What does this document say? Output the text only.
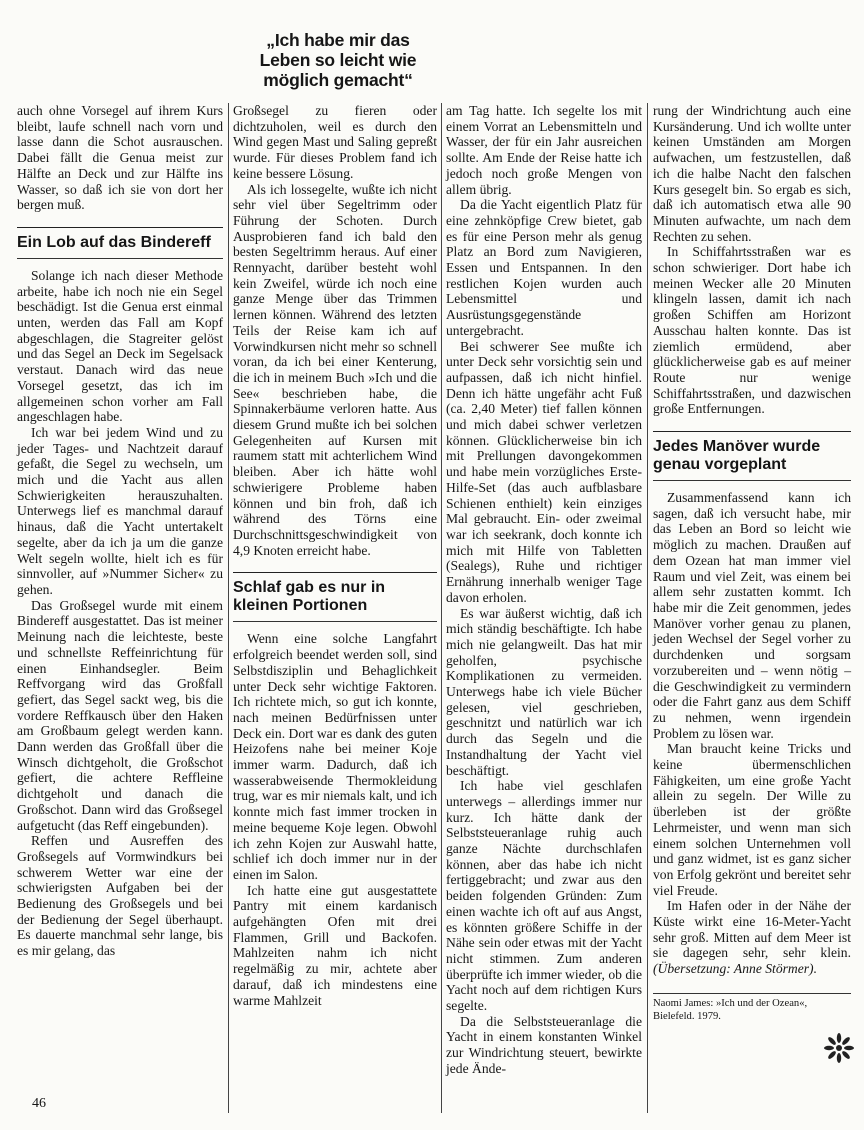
„Ich habe mir das
Leben so leicht wie
möglich gemacht“

auch ohne Vorsegel auf ihrem Kurs bleibt, laufe schnell nach vorn und lasse dann die Schot ausrauschen. Dabei fällt die Genua meist zur Hälfte an Deck und zur Hälfte ins Wasser, so daß ich sie von dort her bergen muß.

Ein Lob auf das Bindereff

Solange ich nach dieser Methode arbeite, habe ich noch nie ein Segel beschädigt. Ist die Genua erst einmal unten, werden das Fall am Kopf abgeschlagen, die Stagreiter gelöst und das Segel an Deck im Segelsack verstaut. Danach wird das neue Vorsegel gesetzt, das ich im allgemeinen schon vorher am Fall angeschlagen habe.

Ich war bei jedem Wind und zu jeder Tages- und Nachtzeit darauf gefaßt, die Segel zu wechseln, um mich und die Yacht aus allen Schwierigkeiten herauszuhalten. Unterwegs lief es manchmal darauf hinaus, daß die Yacht untertakelt segelte, aber da ich ja um die ganze Welt segeln wollte, hielt ich es für sinnvoller, auf »Nummer Sicher« zu gehen.

Das Großsegel wurde mit einem Bindereff ausgestattet. Das ist meiner Meinung nach die leichteste, beste und schnellste Reffeinrichtung für einen Einhandsegler. Beim Reffvorgang wird das Großfall gefiert, das Segel sackt weg, bis die vordere Reffkausch über den Haken am Großbaum gelegt werden kann. Dann werden das Großfall über die Winsch dichtgeholt, die Großschot gefiert, die achtere Reffleine dichtgeholt und danach die Großschot. Dann wird das Großsegel aufgetucht (das Reff eingebunden).

Reffen und Ausreffen des Großsegels auf Vormwindkurs bei schwerem Wetter war eine der schwierigsten Aufgaben bei der Bedienung des Großsegels und bei der Bedienung der Segel überhaupt. Es dauerte manchmal sehr lange, bis es mir gelang, das

Großsegel zu fieren oder dichtzuholen, weil es durch den Wind gegen Mast und Saling gepreßt wurde. Für dieses Problem fand ich keine bessere Lösung.

Als ich lossegelte, wußte ich nicht sehr viel über Segeltrimm oder Führung der Schoten. Durch Ausprobieren fand ich bald den besten Segeltrimm heraus. Auf einer Rennyacht, darüber besteht wohl kein Zweifel, würde ich noch eine ganze Menge über das Trimmen lernen können. Während des letzten Teils der Reise kam ich auf Vorwindkursen nicht mehr so schnell voran, da ich bei einer Kenterung, die ich in meinem Buch »Ich und die See« beschrieben habe, die Spinnakerbäume verloren hatte. Aus diesem Grund mußte ich bei solchen Gelegenheiten auf Kursen mit raumem statt mit achterlichem Wind bleiben. Aber ich hätte wohl schwierigere Probleme haben können und bin froh, daß ich während des Törns eine Durchschnittsgeschwindigkeit von 4,9 Knoten erreicht habe.

Schlaf gab es nur in kleinen Portionen

Wenn eine solche Langfahrt erfolgreich beendet werden soll, sind Selbstdisziplin und Behaglichkeit unter Deck sehr wichtige Faktoren. Ich richtete mich, so gut ich konnte, nach meinen Bedürfnissen unter Deck ein. Dort war es dank des guten Heizofens nahe bei meiner Koje immer warm. Dadurch, daß ich wasserabweisende Thermokleidung trug, war es mir niemals kalt, und ich konnte mich fast immer trocken in meine bequeme Koje legen. Obwohl ich zehn Kojen zur Auswahl hatte, schlief ich doch immer nur in der einen im Salon.

Ich hatte eine gut ausgestattete Pantry mit einem kardanisch aufgehängten Ofen mit drei Flammen, Grill und Backofen. Mahlzeiten nahm ich nicht regelmäßig zu mir, achtete aber darauf, daß ich mindestens eine warme Mahlzeit

am Tag hatte. Ich segelte los mit einem Vorrat an Lebensmitteln und Wasser, der für ein Jahr ausreichen sollte. Am Ende der Reise hatte ich jedoch noch große Mengen von allem übrig.

Da die Yacht eigentlich Platz für eine zehnköpfige Crew bietet, gab es für eine Person mehr als genug Platz an Bord zum Navigieren, Essen und Entspannen. In den restlichen Kojen wurden auch Lebensmittel und Ausrüstungsgegenstände untergebracht.

Bei schwerer See mußte ich unter Deck sehr vorsichtig sein und aufpassen, daß ich nicht hinfiel. Denn ich hätte ungefähr acht Fuß (ca. 2,40 Meter) tief fallen können und mich dabei schwer verletzen können. Glücklicherweise bin ich mit Prellungen davongekommen und habe mein vorzügliches Erste-Hilfe-Set (das auch aufblasbare Schienen enthielt) kein einziges Mal gebraucht. Ein- oder zweimal war ich seekrank, doch konnte ich mich mit Hilfe von Tabletten (Sealegs), Ruhe und richtiger Ernährung innerhalb weniger Tage davon erholen.

Es war äußerst wichtig, daß ich mich ständig beschäftigte. Ich habe mich nie gelangweilt. Das hat mir geholfen, psychische Komplikationen zu vermeiden. Unterwegs habe ich viele Bücher gelesen, viel geschrieben, geschnitzt und natürlich war ich durch das Segeln und die Instandhaltung der Yacht viel beschäftigt.

Ich habe viel geschlafen unterwegs – allerdings immer nur kurz. Ich hätte dank der Selbststeueranlage ruhig auch ganze Nächte durchschlafen können, aber das habe ich nicht fertiggebracht; und zwar aus den beiden folgenden Gründen: Zum einen wachte ich oft auf aus Angst, es könnten größere Schiffe in der Nähe sein oder etwas mit der Yacht nicht stimmen. Zum anderen überprüfte ich immer wieder, ob die Yacht noch auf dem richtigen Kurs segelte.

Da die Selbststeueranlage die Yacht in einem konstanten Winkel zur Windrichtung steuert, bewirkte jede Ände-

rung der Windrichtung auch eine Kursänderung. Und ich wollte unter keinen Umständen am Morgen aufwachen, um festzustellen, daß ich die halbe Nacht den falschen Kurs gesegelt bin. So ergab es sich, daß ich automatisch etwa alle 90 Minuten aufwachte, um nach dem Rechten zu sehen.

In Schiffahrtsstraßen war es schon schwieriger. Dort habe ich meinen Wecker alle 20 Minuten klingeln lassen, damit ich nach großen Schiffen am Horizont Ausschau halten konnte. Das ist ziemlich ermüdend, aber glücklicherweise gab es auf meiner Route nur wenige Schiffahrtsstraßen, und dazwischen große Entfernungen.

Jedes Manöver wurde genau vorgeplant

Zusammenfassend kann ich sagen, daß ich versucht habe, mir das Leben an Bord so leicht wie möglich zu machen. Draußen auf dem Ozean hat man immer viel Raum und viel Zeit, was einem bei allem sehr zustatten kommt. Ich habe mir die Zeit genommen, jedes Manöver vorher genau zu planen, jeden Wechsel der Segel vorher zu durchdenken und sorgsam vorzubereiten und – wenn nötig – die Geschwindigkeit zu vermindern oder die Fahrt ganz aus dem Schiff zu nehmen, wenn irgendein Problem zu lösen war.

Man braucht keine Tricks und keine übermenschlichen Fähigkeiten, um eine große Yacht allein zu segeln. Der Wille zu überleben ist der größte Lehrmeister, und wenn man sich einem solchen Unternehmen voll und ganz widmet, ist es ganz sicher von Erfolg gekrönt und bereitet sehr viel Freude.

Im Hafen oder in der Nähe der Küste wirkt eine 16-Meter-Yacht sehr groß. Mitten auf dem Meer ist sie dagegen sehr, sehr klein. (Übersetzung: Anne Störmer).

Naomi James: »Ich und der Ozean«, Bielefeld. 1979.
46
